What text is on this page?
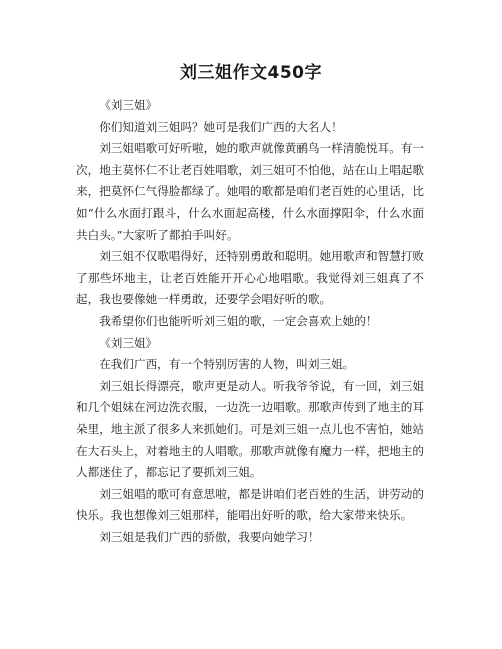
刘三姐作文450字

《刘三姐》

你们知道刘三姐吗？她可是我们广西的大名人！

刘三姐唱歌可好听啦，她的歌声就像黄鹂鸟一样清脆悦耳。有一次，地主莫怀仁不让老百姓唱歌，刘三姐可不怕他，站在山上唱起歌来，把莫怀仁气得脸都绿了。她唱的歌都是咱们老百姓的心里话，比如“什么水面打跟斗，什么水面起高楼，什么水面撑阳伞，什么水面共白头。”大家听了都拍手叫好。

刘三姐不仅歌唱得好，还特别勇敢和聪明。她用歌声和智慧打败了那些坏地主，让老百姓能开开心心地唱歌。我觉得刘三姐真了不起，我也要像她一样勇敢，还要学会唱好听的歌。

我希望你们也能听听刘三姐的歌，一定会喜欢上她的！

《刘三姐》

在我们广西，有一个特别厉害的人物，叫刘三姐。

刘三姐长得漂亮，歌声更是动人。听我爷爷说，有一回，刘三姐和几个姐妹在河边洗衣服，一边洗一边唱歌。那歌声传到了地主的耳朵里，地主派了很多人来抓她们。可是刘三姐一点儿也不害怕，她站在大石头上，对着地主的人唱歌。那歌声就像有魔力一样，把地主的人都迷住了，都忘记了要抓刘三姐。

刘三姐唱的歌可有意思啦，都是讲咱们老百姓的生活，讲劳动的快乐。我也想像刘三姐那样，能唱出好听的歌，给大家带来快乐。

刘三姐是我们广西的骄傲，我要向她学习！
